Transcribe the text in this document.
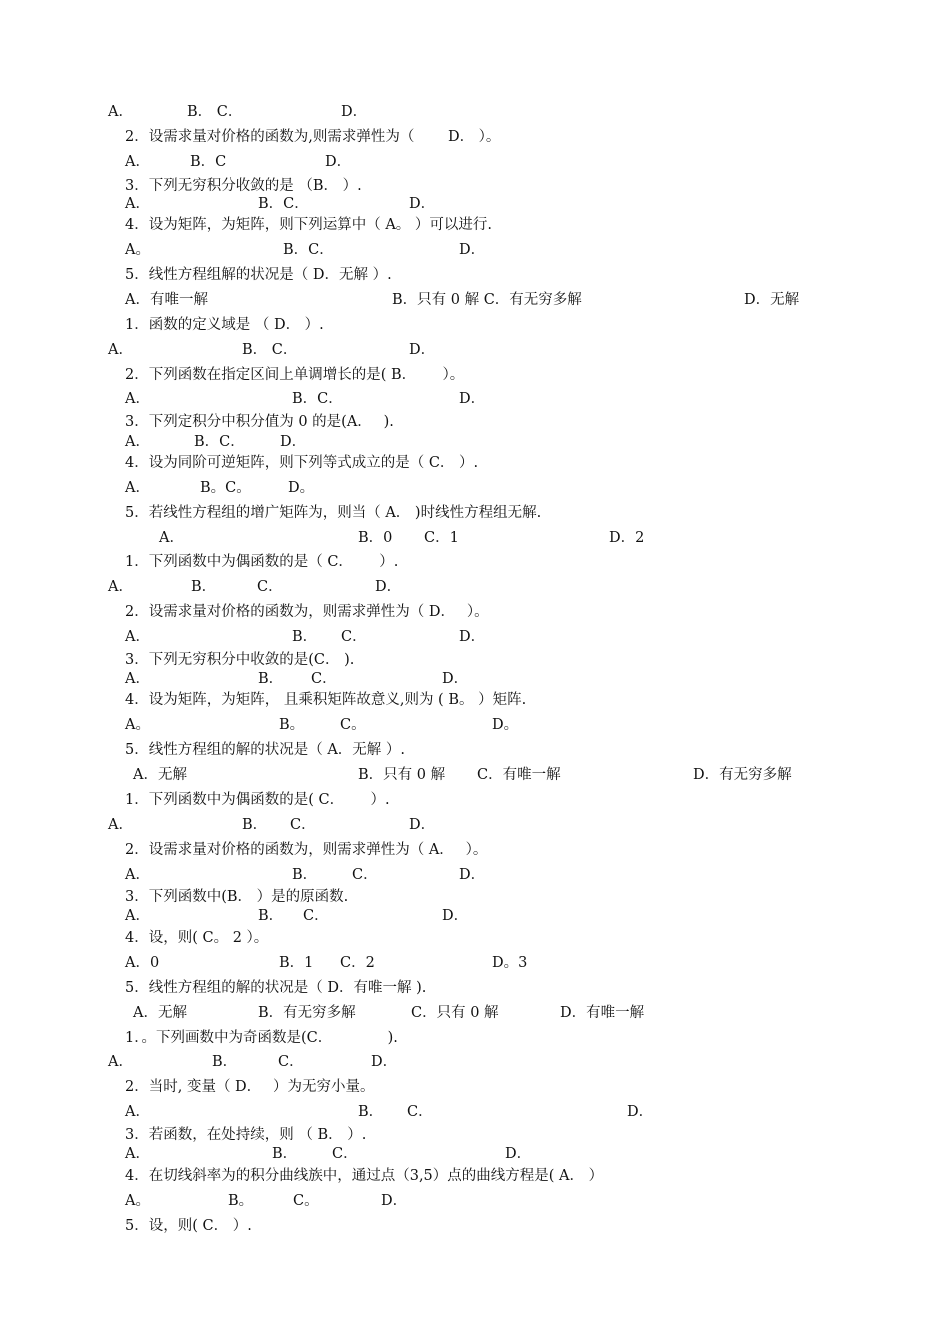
A．	B． C．	D．
2．设需求量对价格的函数为,则需求弹性为（　　 D． ）。
A．	B．C	D．
3．下列无穷积分收敛的是 （B． ）.
A．	B．C．	D．
4．设为矩阵，为矩阵，则下列运算中（ A。 ）可以进行.
A。	B．C．	D．
5．线性方程组解的状况是（ D．无解 ）.
A．有唯一解	B．只有 0 解 C．有无穷多解	D．无解
1．函数的定义域是 （ D． ）.
A．	B． C．	D．
2．下列函数在指定区间上单调增长的是( B．　　 ）。
A．	B．C．	D．
3．下列定积分中积分值为 0 的是(A．　 ).
A．	B．C． D．
4．设为同阶可逆矩阵，则下列等式成立的是（ C． ）.
A．	B。C。	D。
5．若线性方程组的增广矩阵为，则当（ A． )时线性方程组无解.
A．	B．0 C．1	D．2
1．下列函数中为偶函数的是（ C．　　 ）.
A．	B．	C．	D．
2．设需求量对价格的函数为，则需求弹性为（ D．　 ）。
A．	B． C．	D．
3．下列无穷积分中收敛的是(C． ).
A．	B． C．	D．
4．设为矩阵，为矩阵， 且乘积矩阵故意义,则为 ( B。 ）矩阵.
A。	B。 C。	D。
5．线性方程组的解的状况是（ A．无解 ）.
A．无解	B．只有 0 解 C．有唯一解	D．有无穷多解
1．下列函数中为偶函数的是( C．　　 ）.
A．	B． C．	D．
2．设需求量对价格的函数为，则需求弹性为（ A．　 ）。
A．	B． C．	D．
3．下列函数中(B． ）是的原函数.
A．	B． C．	D．
4．设，则( C。 2 ）。
A．0	B．1 C．2	D。3
5．线性方程组的解的状况是（ D．有唯一解 ).
A．无解	B．有无穷多解	C．只有 0 解	D．有唯一解
1．。下列画数中为奇函数是(C．　　　　 ).
A．	B．	C．	D．
2．当时, 变量（ D．　 ）为无穷小量。
A．	B． C．	D．
3．若函数，在处持续，则 （ B． ）.
A．	B． C．	D．
4．在切线斜率为的积分曲线族中，通过点（3,5）点的曲线方程是( A． ）
A。	B。	C。	D．
5．设，则( C． ）.
